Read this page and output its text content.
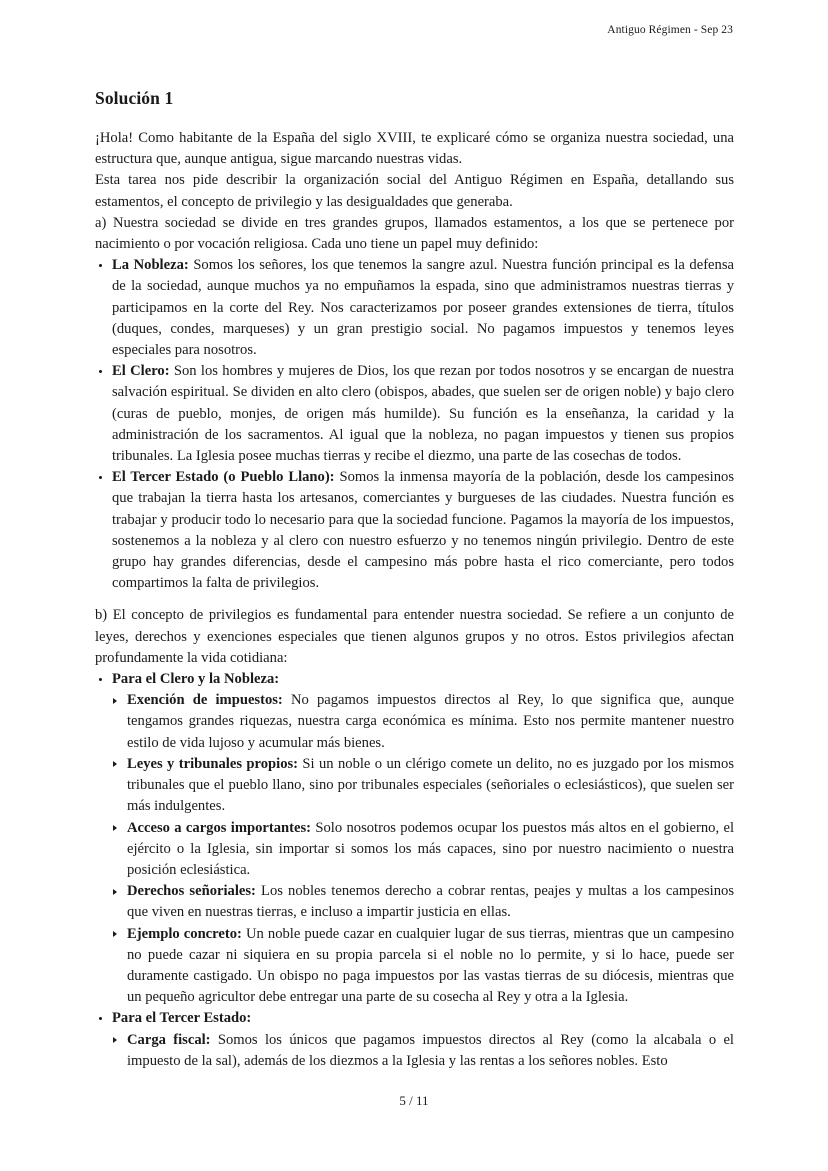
Antiguo Régimen - Sep 23
Solución 1

¡Hola! Como habitante de la España del siglo XVIII, te explicaré cómo se organiza nuestra sociedad, una estructura que, aunque antigua, sigue marcando nuestras vidas.

Esta tarea nos pide describir la organización social del Antiguo Régimen en España, detallando sus estamentos, el concepto de privilegio y las desigualdades que generaba.

a) Nuestra sociedad se divide en tres grandes grupos, llamados estamentos, a los que se pertenece por nacimiento o por vocación religiosa. Cada uno tiene un papel muy definido:

La Nobleza: Somos los señores, los que tenemos la sangre azul. Nuestra función principal es la defensa de la sociedad, aunque muchos ya no empuñamos la espada, sino que administramos nuestras tierras y participamos en la corte del Rey. Nos caracterizamos por poseer grandes extensiones de tierra, títulos (duques, condes, marqueses) y un gran prestigio social. No pagamos impuestos y tenemos leyes especiales para nosotros.
El Clero: Son los hombres y mujeres de Dios, los que rezan por todos nosotros y se encargan de nuestra salvación espiritual. Se dividen en alto clero (obispos, abades, que suelen ser de origen noble) y bajo clero (curas de pueblo, monjes, de origen más humilde). Su función es la enseñanza, la caridad y la administración de los sacramentos. Al igual que la nobleza, no pagan impuestos y tienen sus propios tribunales. La Iglesia posee muchas tierras y recibe el diezmo, una parte de las cosechas de todos.
El Tercer Estado (o Pueblo Llano): Somos la inmensa mayoría de la población, desde los campesinos que trabajan la tierra hasta los artesanos, comerciantes y burgueses de las ciudades. Nuestra función es trabajar y producir todo lo necesario para que la sociedad funcione. Pagamos la mayoría de los impuestos, sostenemos a la nobleza y al clero con nuestro esfuerzo y no tenemos ningún privilegio. Dentro de este grupo hay grandes diferencias, desde el campesino más pobre hasta el rico comerciante, pero todos compartimos la falta de privilegios.

b) El concepto de privilegios es fundamental para entender nuestra sociedad. Se refiere a un conjunto de leyes, derechos y exenciones especiales que tienen algunos grupos y no otros. Estos privilegios afectan profundamente la vida cotidiana:

Para el Clero y la Nobleza:
Exención de impuestos: No pagamos impuestos directos al Rey, lo que significa que, aunque tengamos grandes riquezas, nuestra carga económica es mínima. Esto nos permite mantener nuestro estilo de vida lujoso y acumular más bienes.
Leyes y tribunales propios: Si un noble o un clérigo comete un delito, no es juzgado por los mismos tribunales que el pueblo llano, sino por tribunales especiales (señoriales o eclesiásticos), que suelen ser más indulgentes.
Acceso a cargos importantes: Solo nosotros podemos ocupar los puestos más altos en el gobierno, el ejército o la Iglesia, sin importar si somos los más capaces, sino por nuestro nacimiento o nuestra posición eclesiástica.
Derechos señoriales: Los nobles tenemos derecho a cobrar rentas, peajes y multas a los campesinos que viven en nuestras tierras, e incluso a impartir justicia en ellas.
Ejemplo concreto: Un noble puede cazar en cualquier lugar de sus tierras, mientras que un campesino no puede cazar ni siquiera en su propia parcela si el noble no lo permite, y si lo hace, puede ser duramente castigado. Un obispo no paga impuestos por las vastas tierras de su diócesis, mientras que un pequeño agricultor debe entregar una parte de su cosecha al Rey y otra a la Iglesia.
Para el Tercer Estado:
Carga fiscal: Somos los únicos que pagamos impuestos directos al Rey (como la alcabala o el impuesto de la sal), además de los diezmos a la Iglesia y las rentas a los señores nobles. Esto
5 / 11
